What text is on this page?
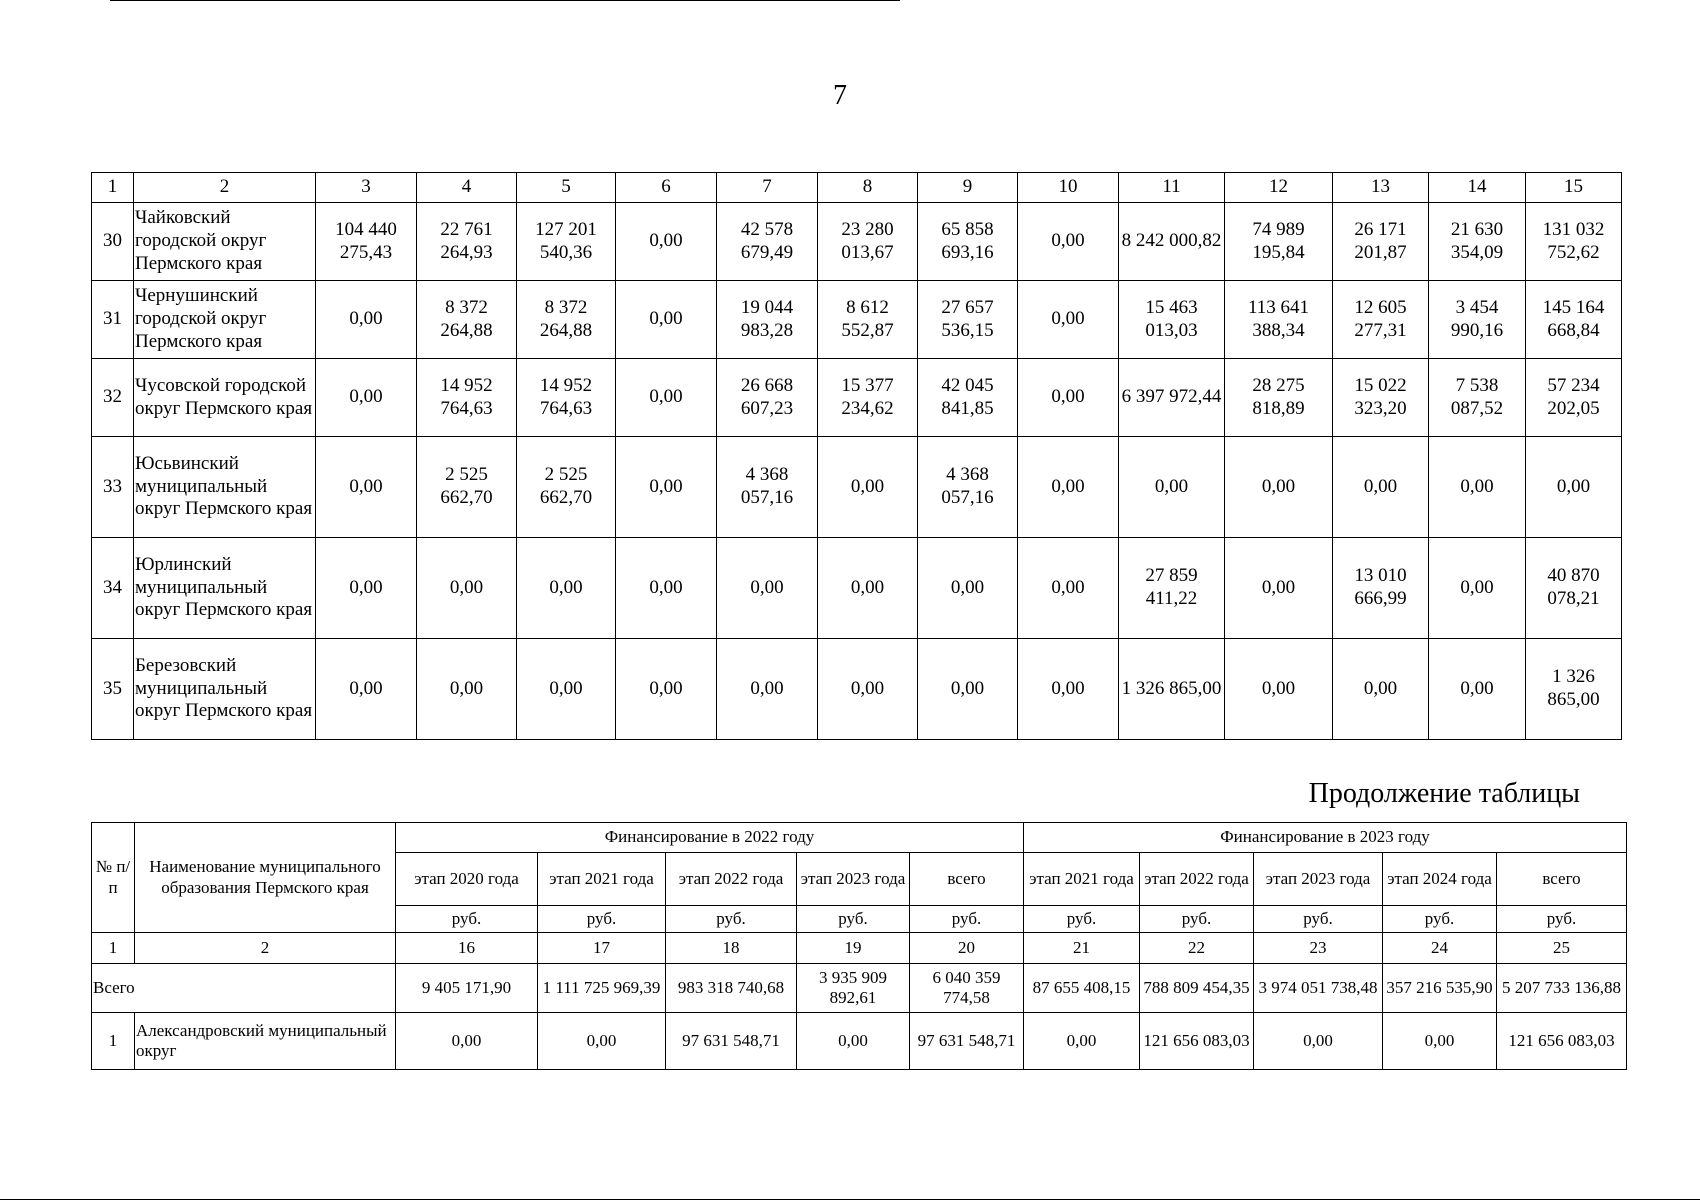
7
1	2	3	4	5	6	7	8	9	10	11	12	13	14	15
30	Чайковский городской округ Пермского края	104 440 275,43	22 761 264,93	127 201 540,36	0,00	42 578 679,49	23 280 013,67	65 858 693,16	0,00	8 242 000,82	74 989 195,84	26 171 201,87	21 630 354,09	131 032 752,62
31	Чернушинский городской округ Пермского края	0,00	8 372 264,88	8 372 264,88	0,00	19 044 983,28	8 612 552,87	27 657 536,15	0,00	15 463 013,03	113 641 388,34	12 605 277,31	3 454 990,16	145 164 668,84
32	Чусовской городской округ Пермского края	0,00	14 952 764,63	14 952 764,63	0,00	26 668 607,23	15 377 234,62	42 045 841,85	0,00	6 397 972,44	28 275 818,89	15 022 323,20	7 538 087,52	57 234 202,05
33	Юсьвинский муниципальный округ Пермского края	0,00	2 525 662,70	2 525 662,70	0,00	4 368 057,16	0,00	4 368 057,16	0,00	0,00	0,00	0,00	0,00	0,00
34	Юрлинский муниципальный округ Пермского края	0,00	0,00	0,00	0,00	0,00	0,00	0,00	0,00	27 859 411,22	0,00	13 010 666,99	0,00	40 870 078,21
35	Березовский муниципальный округ Пермского края	0,00	0,00	0,00	0,00	0,00	0,00	0,00	0,00	1 326 865,00	0,00	0,00	0,00	1 326 865,00
Продолжение таблицы
№ п/п	Наименование муниципального образования Пермского края	Финансирование в 2022 году					Финансирование в 2023 году				
		этап 2020 года	этап 2021 года	этап 2022 года	этап 2023 года	всего	этап 2021 года	этап 2022 года	этап 2023 года	этап 2024 года	всего
		руб.	руб.	руб.	руб.	руб.	руб.	руб.	руб.	руб.	руб.
1	2	16	17	18	19	20	21	22	23	24	25
Всего		9 405 171,90	1 111 725 969,39	983 318 740,68	3 935 909 892,61	6 040 359 774,58	87 655 408,15	788 809 454,35	3 974 051 738,48	357 216 535,90	5 207 733 136,88
1	Александровский муниципальный округ	0,00	0,00	97 631 548,71	0,00	97 631 548,71	0,00	121 656 083,03	0,00	0,00	121 656 083,03
